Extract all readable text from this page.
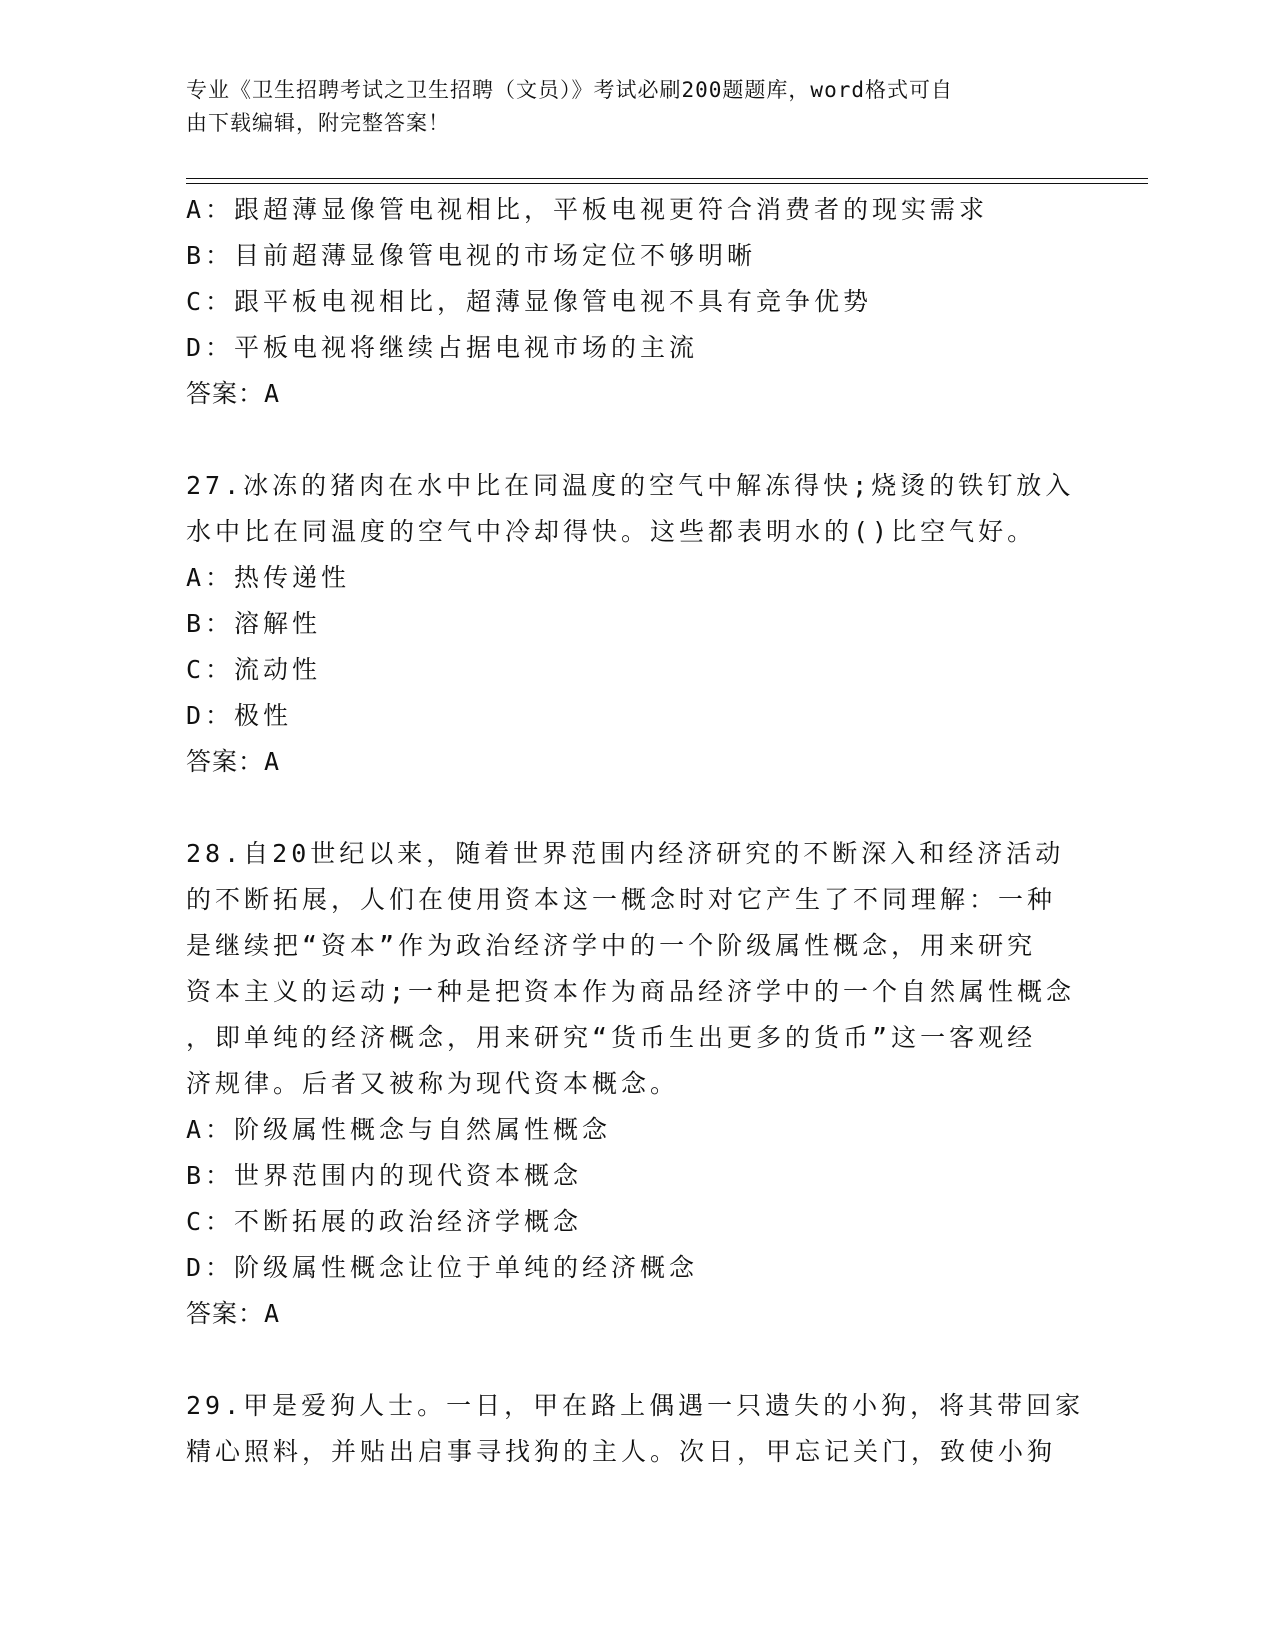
专业《卫生招聘考试之卫生招聘（文员）》考试必刷200题题库，word格式可自
由下载编辑，附完整答案！
A：跟超薄显像管电视相比，平板电视更符合消费者的现实需求
B：目前超薄显像管电视的市场定位不够明晰
C：跟平板电视相比，超薄显像管电视不具有竞争优势
D：平板电视将继续占据电视市场的主流
答案：A
27.冰冻的猪肉在水中比在同温度的空气中解冻得快;烧烫的铁钉放入
水中比在同温度的空气中冷却得快。这些都表明水的()比空气好。
A：热传递性
B：溶解性
C：流动性
D：极性
答案：A
28.自20世纪以来，随着世界范围内经济研究的不断深入和经济活动
的不断拓展，人们在使用资本这一概念时对它产生了不同理解：一种
是继续把“资本”作为政治经济学中的一个阶级属性概念，用来研究
资本主义的运动;一种是把资本作为商品经济学中的一个自然属性概念
，即单纯的经济概念，用来研究“货币生出更多的货币”这一客观经
济规律。后者又被称为现代资本概念。
A：阶级属性概念与自然属性概念
B：世界范围内的现代资本概念
C：不断拓展的政治经济学概念
D：阶级属性概念让位于单纯的经济概念
答案：A
29.甲是爱狗人士。一日，甲在路上偶遇一只遗失的小狗，将其带回家
精心照料，并贴出启事寻找狗的主人。次日，甲忘记关门，致使小狗
